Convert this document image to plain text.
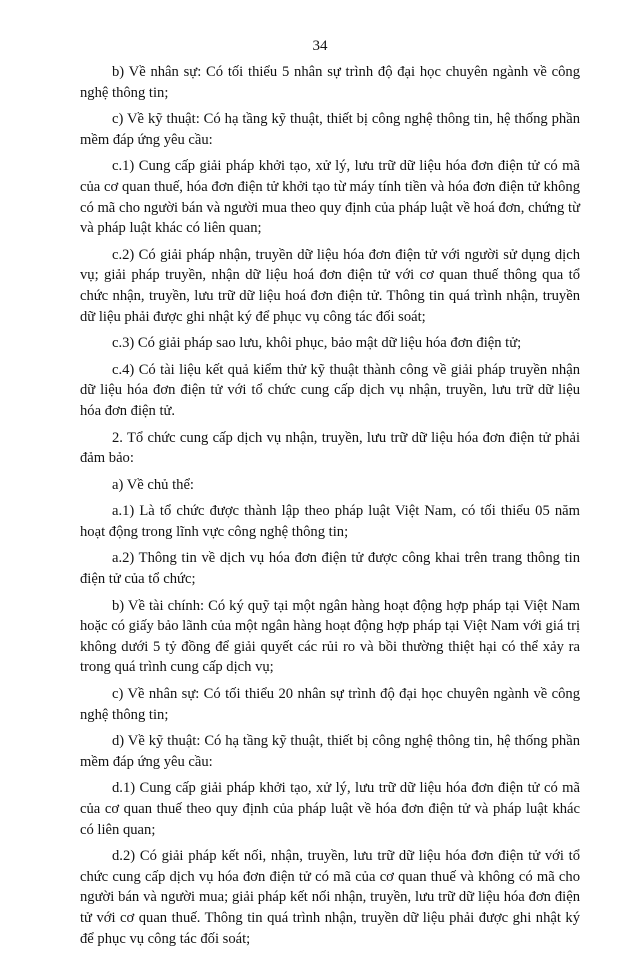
34

b) Về nhân sự: Có tối thiểu 5 nhân sự trình độ đại học chuyên ngành về công nghệ thông tin;

c) Về kỹ thuật: Có hạ tầng kỹ thuật, thiết bị công nghệ thông tin, hệ thống phần mềm đáp ứng yêu cầu:

c.1) Cung cấp giải pháp khởi tạo, xử lý, lưu trữ dữ liệu hóa đơn điện tử có mã của cơ quan thuế, hóa đơn điện tử khởi tạo từ máy tính tiền và hóa đơn điện tử không có mã cho người bán và người mua theo quy định của pháp luật về hoá đơn, chứng từ và pháp luật khác có liên quan;

c.2) Có giải pháp nhận, truyền dữ liệu hóa đơn điện tử với người sử dụng dịch vụ; giải pháp truyền, nhận dữ liệu hoá đơn điện tử với cơ quan thuế thông qua tổ chức nhận, truyền, lưu trữ dữ liệu hoá đơn điện tử. Thông tin quá trình nhận, truyền dữ liệu phải được ghi nhật ký để phục vụ công tác đối soát;

c.3) Có giải pháp sao lưu, khôi phục, bảo mật dữ liệu hóa đơn điện tử;

c.4) Có tài liệu kết quả kiểm thử kỹ thuật thành công về giải pháp truyền nhận dữ liệu hóa đơn điện tử với tổ chức cung cấp dịch vụ nhận, truyền, lưu trữ dữ liệu hóa đơn điện tử.

2. Tổ chức cung cấp dịch vụ nhận, truyền, lưu trữ dữ liệu hóa đơn điện tử phải đảm bảo:

a) Về chủ thể:

a.1) Là tổ chức được thành lập theo pháp luật Việt Nam, có tối thiểu 05 năm hoạt động trong lĩnh vực công nghệ thông tin;

a.2) Thông tin về dịch vụ hóa đơn điện tử được công khai trên trang thông tin điện tử của tổ chức;

b) Về tài chính: Có ký quỹ tại một ngân hàng hoạt động hợp pháp tại Việt Nam hoặc có giấy bảo lãnh của một ngân hàng hoạt động hợp pháp tại Việt Nam với giá trị không dưới 5 tỷ đồng để giải quyết các rủi ro và bồi thường thiệt hại có thể xảy ra trong quá trình cung cấp dịch vụ;

c) Về nhân sự: Có tối thiểu 20 nhân sự trình độ đại học chuyên ngành về công nghệ thông tin;

d) Về kỹ thuật: Có hạ tầng kỹ thuật, thiết bị công nghệ thông tin, hệ thống phần mềm đáp ứng yêu cầu:

d.1) Cung cấp giải pháp khởi tạo, xử lý, lưu trữ dữ liệu hóa đơn điện tử có mã của cơ quan thuế theo quy định của pháp luật về hóa đơn điện tử và pháp luật khác có liên quan;

d.2) Có giải pháp kết nối, nhận, truyền, lưu trữ dữ liệu hóa đơn điện tử với tổ chức cung cấp dịch vụ hóa đơn điện tử có mã của cơ quan thuế và không có mã cho người bán và người mua; giải pháp kết nối nhận, truyền, lưu trữ dữ liệu hóa đơn điện tử với cơ quan thuế. Thông tin quá trình nhận, truyền dữ liệu phải được ghi nhật ký để phục vụ công tác đối soát;
